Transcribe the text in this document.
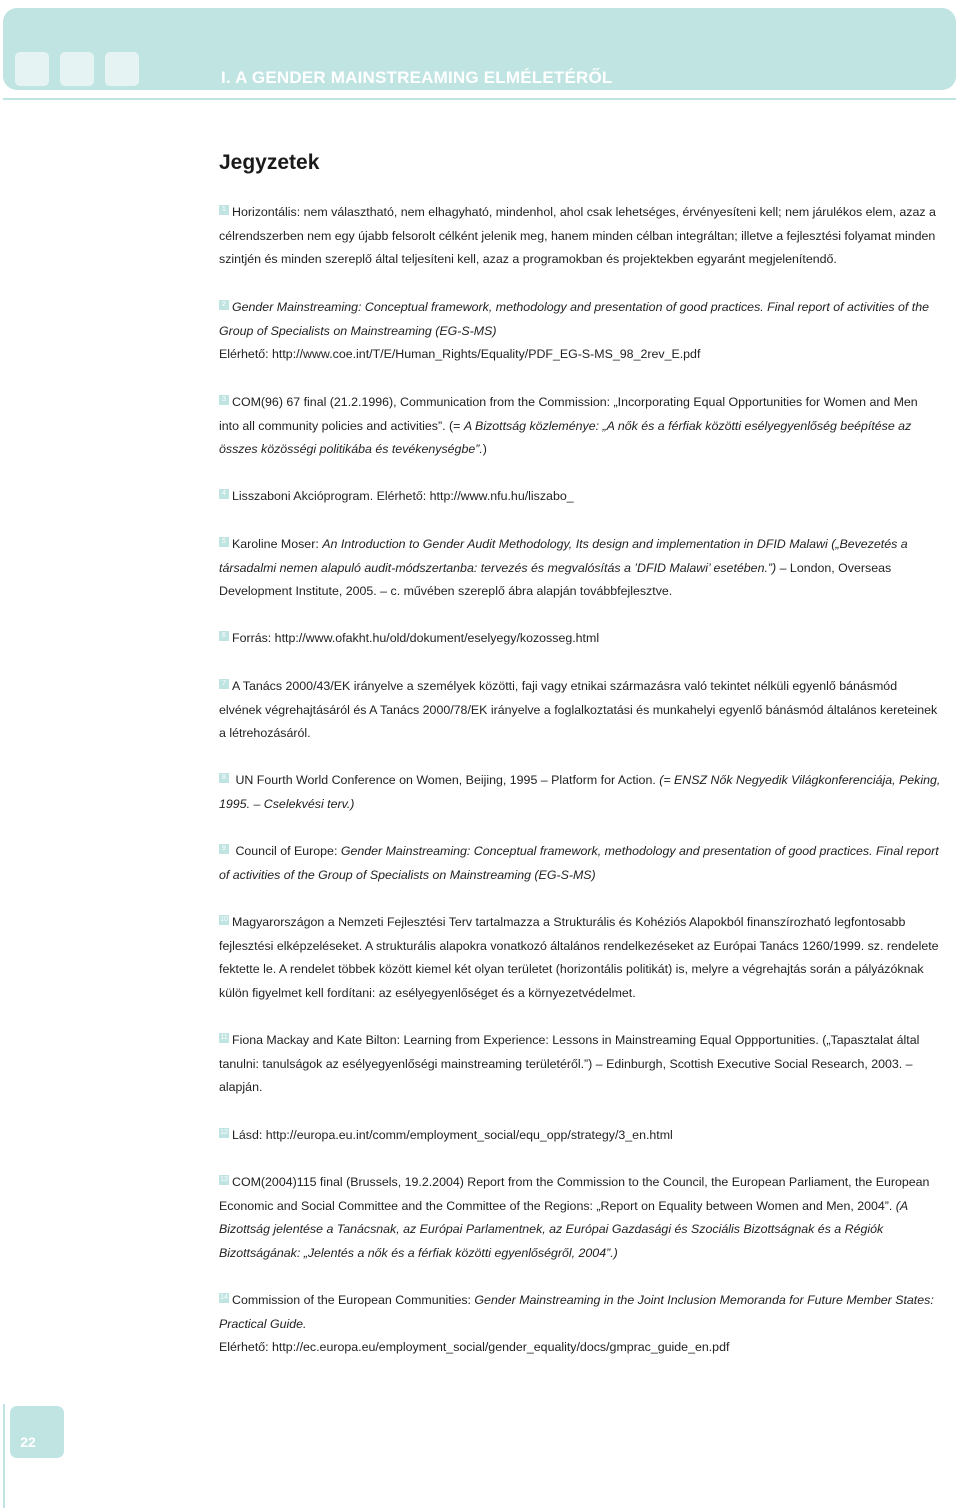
I. A GENDER MAINSTREAMING ELMÉLETÉRŐL
Jegyzetek
1 Horizontális: nem választható, nem elhagyható, mindenhol, ahol csak lehetséges, érvényesíteni kell; nem járulékos elem, azaz a célrendszerben nem egy újabb felsorolt célként jelenik meg, hanem minden célban integráltan; illetve a fejlesztési folyamat minden szintjén és minden szereplő által teljesíteni kell, azaz a programokban és projektekben egyaránt megjelenítendő.
2 Gender Mainstreaming: Conceptual framework, methodology and presentation of good practices. Final report of activities of the Group of Specialists on Mainstreaming (EG-S-MS)
Elérhető: http://www.coe.int/T/E/Human_Rights/Equality/PDF_EG-S-MS_98_2rev_E.pdf
3 COM(96) 67 final (21.2.1996), Communication from the Commission: „Incorporating Equal Opportunities for Women and Men into all community policies and activities”. (= A Bizottság közleménye: „A nők és a férfiak közötti esélyegyenlőség beépítése az összes közösségi politikába és tevékenységbe”.)
4 Lisszaboni Akcióprogram. Elérhető: http://www.nfu.hu/liszabo_
5 Karoline Moser: An Introduction to Gender Audit Methodology, Its design and implementation in DFID Malawi („Bevezetés a társadalmi nemen alapuló audit-módszertanba: tervezés és megvalósítás a ’DFID Malawi’ esetében.”) – London, Overseas Development Institute, 2005. – c. művében szereplő ábra alapján továbbfejlesztve.
6 Forrás: http://www.ofakht.hu/old/dokument/eselyegy/kozosseg.html
7 A Tanács 2000/43/EK irányelve a személyek közötti, faji vagy etnikai származásra való tekintet nélküli egyenlő bánásmód elvének végrehajtásáról és A Tanács 2000/78/EK irányelve a foglalkoztatási és munkahelyi egyenlő bánásmód általános kereteinek a létrehozásáról.
8 UN Fourth World Conference on Women, Beijing, 1995 – Platform for Action. (= ENSZ Nők Negyedik Világkonferenciája, Peking, 1995. – Cselekvési terv.)
9 Council of Europe: Gender Mainstreaming: Conceptual framework, methodology and presentation of good practices. Final report of activities of the Group of Specialists on Mainstreaming (EG-S-MS)
10 Magyarországon a Nemzeti Fejlesztési Terv tartalmazza a Strukturális és Kohéziós Alapokból finanszírozható legfontosabb fejlesztési elképzeléseket. A strukturális alapokra vonatkozó általános rendelkezéseket az Európai Tanács 1260/1999. sz. rendelete fektette le. A rendelet többek között kiemel két olyan területet (horizontális politikát) is, melyre a végrehajtás során a pályázóknak külön figyelmet kell fordítani: az esélyegyenlőséget és a környezetvédelmet.
11 Fiona Mackay and Kate Bilton: Learning from Experience: Lessons in Mainstreaming Equal Oppportunities. („Tapasztalat által tanulni: tanulságok az esélyegyenlőségi mainstreaming területéről.”) – Edinburgh, Scottish Executive Social Research, 2003. – alapján.
12 Lásd: http://europa.eu.int/comm/employment_social/equ_opp/strategy/3_en.html
13 COM(2004)115 final (Brussels, 19.2.2004) Report from the Commission to the Council, the European Parliament, the European Economic and Social Committee and the Committee of the Regions: „Report on Equality between Women and Men, 2004”. (A Bizottság jelentése a Tanácsnak, az Európai Parlamentnek, az Európai Gazdasági és Szociális Bizottságnak és a Régiók Bizottságának: „Jelentés a nők és a férfiak közötti egyenlőségről, 2004”.)
14 Commission of the European Communities: Gender Mainstreaming in the Joint Inclusion Memoranda for Future Member States: Practical Guide.
Elérhető: http://ec.europa.eu/employment_social/gender_equality/docs/gmprac_guide_en.pdf
22
